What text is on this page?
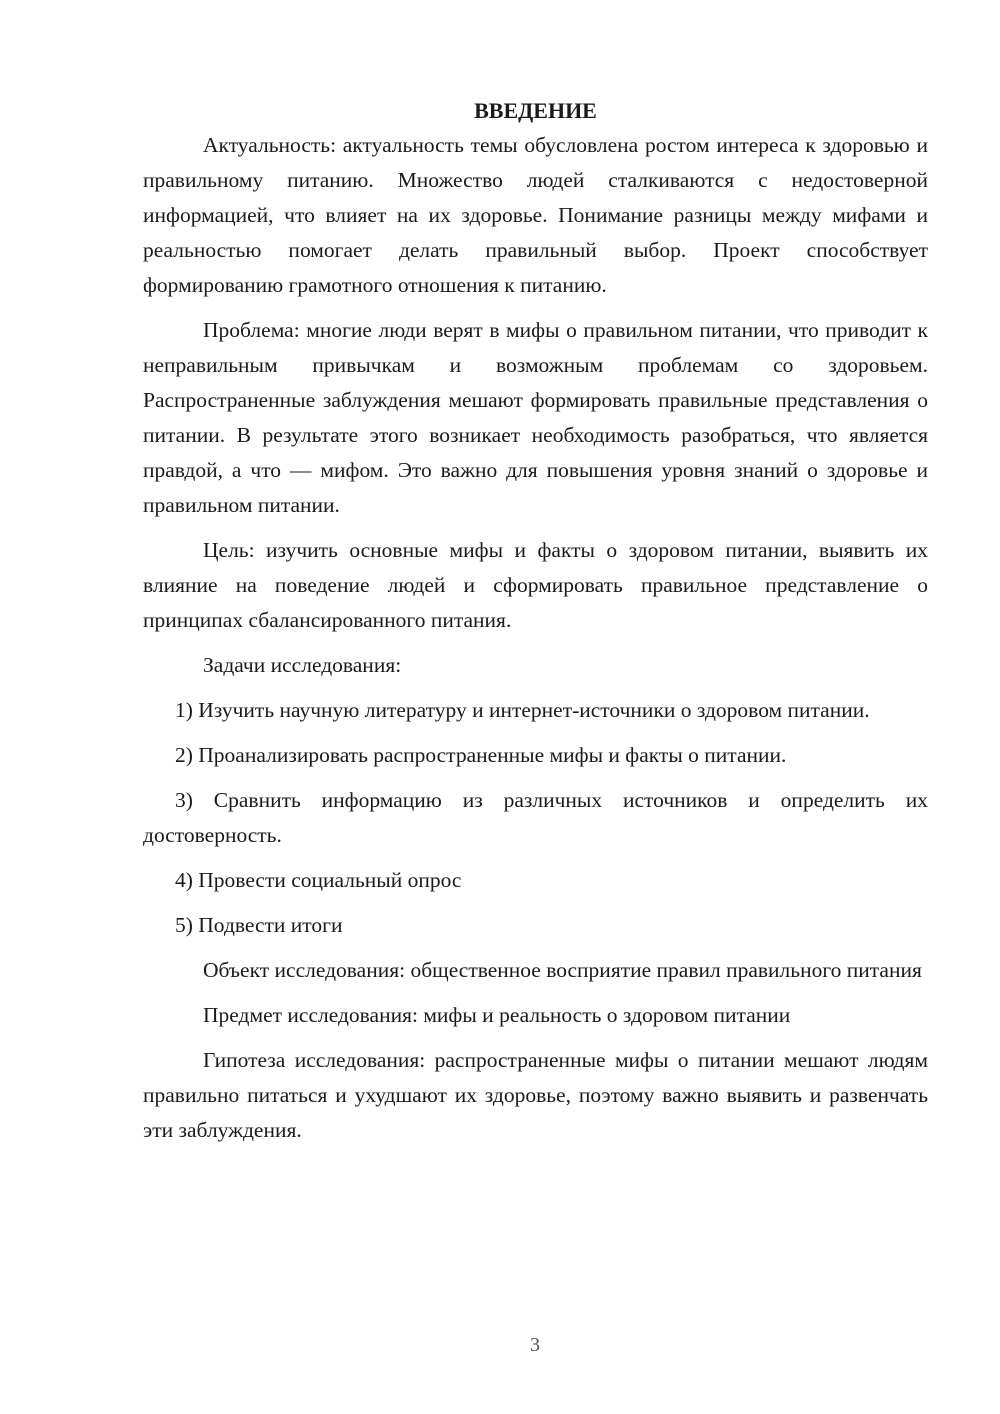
ВВЕДЕНИЕ

Актуальность: актуальность темы обусловлена ростом интереса к здоровью и правильному питанию. Множество людей сталкиваются с недостоверной информацией, что влияет на их здоровье. Понимание разницы между мифами и реальностью помогает делать правильный выбор. Проект способствует формированию грамотного отношения к питанию.

Проблема: многие люди верят в мифы о правильном питании, что приводит к неправильным привычкам и возможным проблемам со здоровьем. Распространенные заблуждения мешают формировать правильные представления о питании. В результате этого возникает необходимость разобраться, что является правдой, а что — мифом. Это важно для повышения уровня знаний о здоровье и правильном питании.

Цель: изучить основные мифы и факты о здоровом питании, выявить их влияние на поведение людей и сформировать правильное представление о принципах сбалансированного питания.

Задачи исследования:

1) Изучить научную литературу и интернет-источники о здоровом питании.

2) Проанализировать распространенные мифы и факты о питании.

3) Сравнить информацию из различных источников и определить их достоверность.

4) Провести социальный опрос

5) Подвести итоги

Объект исследования: общественное восприятие правил правильного питания

Предмет исследования: мифы и реальность о здоровом питании

Гипотеза исследования: распространенные мифы о питании мешают людям правильно питаться и ухудшают их здоровье, поэтому важно выявить и развенчать эти заблуждения.

3
